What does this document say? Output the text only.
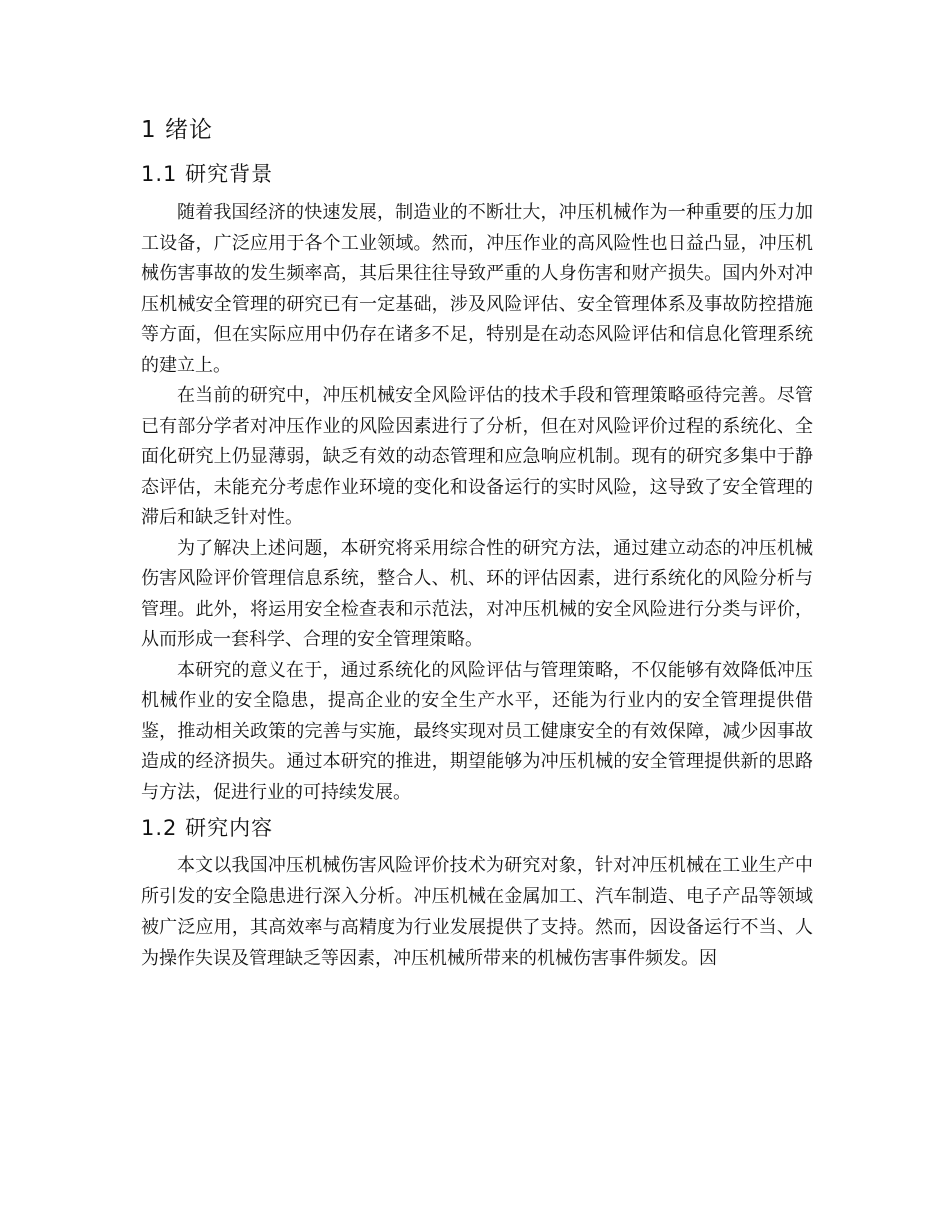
1 绪论
1.1 研究背景

随着我国经济的快速发展，制造业的不断壮大，冲压机械作为一种重要的压力加工设备，广泛应用于各个工业领域。然而，冲压作业的高风险性也日益凸显，冲压机械伤害事故的发生频率高，其后果往往导致严重的人身伤害和财产损失。国内外对冲压机械安全管理的研究已有一定基础，涉及风险评估、安全管理体系及事故防控措施等方面，但在实际应用中仍存在诸多不足，特别是在动态风险评估和信息化管理系统的建立上。

在当前的研究中，冲压机械安全风险评估的技术手段和管理策略亟待完善。尽管已有部分学者对冲压作业的风险因素进行了分析，但在对风险评价过程的系统化、全面化研究上仍显薄弱，缺乏有效的动态管理和应急响应机制。现有的研究多集中于静态评估，未能充分考虑作业环境的变化和设备运行的实时风险，这导致了安全管理的滞后和缺乏针对性。

为了解决上述问题，本研究将采用综合性的研究方法，通过建立动态的冲压机械伤害风险评价管理信息系统，整合人、机、环的评估因素，进行系统化的风险分析与管理。此外，将运用安全检查表和示范法，对冲压机械的安全风险进行分类与评价，从而形成一套科学、合理的安全管理策略。

本研究的意义在于，通过系统化的风险评估与管理策略，不仅能够有效降低冲压机械作业的安全隐患，提高企业的安全生产水平，还能为行业内的安全管理提供借鉴，推动相关政策的完善与实施，最终实现对员工健康安全的有效保障，减少因事故造成的经济损失。通过本研究的推进，期望能够为冲压机械的安全管理提供新的思路与方法，促进行业的可持续发展。

1.2 研究内容

本文以我国冲压机械伤害风险评价技术为研究对象，针对冲压机械在工业生产中所引发的安全隐患进行深入分析。冲压机械在金属加工、汽车制造、电子产品等领域被广泛应用，其高效率与高精度为行业发展提供了支持。然而，因设备运行不当、人为操作失误及管理缺乏等因素，冲压机械所带来的机械伤害事件频发。因
